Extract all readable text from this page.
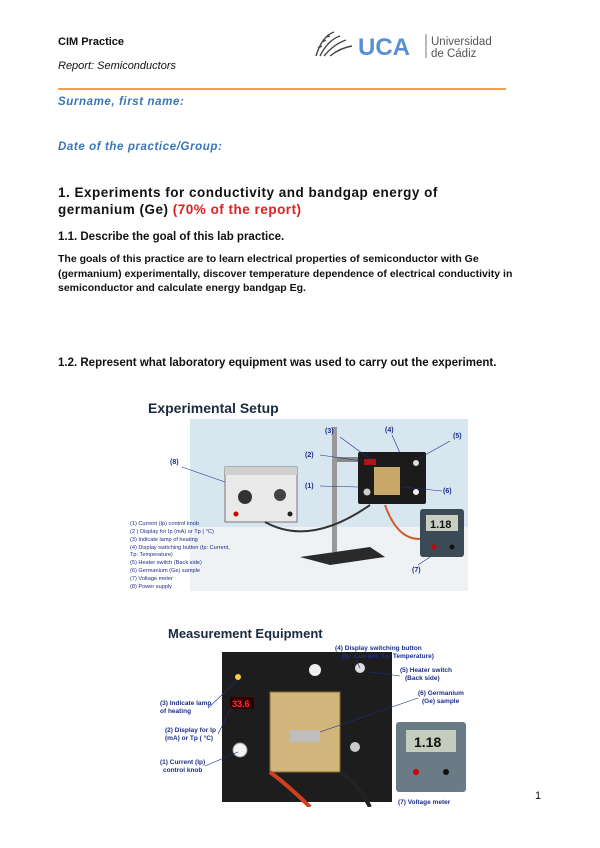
CIM Practice
Report: Semiconductors
UCA Universidad
de Cádiz
Surname, first name:
Date of the practice/Group:
1. Experiments for conductivity and bandgap energy of germanium (Ge) (70% of the report)
1.1. Describe the goal of this lab practice.
The goals of this practice are to learn electrical properties of semiconductor with Ge (germanium) experimentally, discover temperature dependence of electrical conductivity in semiconductor and calculate energy bandgap Eg.
1.2. Represent what laboratory equipment was used to carry out the experiment.
Experimental Setup
1.18
(4)
(3)
(2)
(1)
(5)
(6)
(7)
(8)
(1) Current (Ip) control knob
(2 ) Display for Ip (mA) or Tp ( °C)
(3) Indicate lamp of heating
(4) Display switching button (Ip: Current,
Tp: Temperature)
(5) Heater switch (Back side)
(6) Germanium (Ge) sample
(7) Voltage meter
(8) Power supply
Measurement Equipment
33.6
1.18
(4) Display switching button
(Ip: Current, Tp: Temperature)
(5) Heater switch
(Back side)
(6) Germanium
(Ge) sample
(3) Indicate lamp
of heating
(2) Display for Ip
(mA) or Tp ( °C)
(1) Current (Ip)
control knob
(7) Voltage meter
1
